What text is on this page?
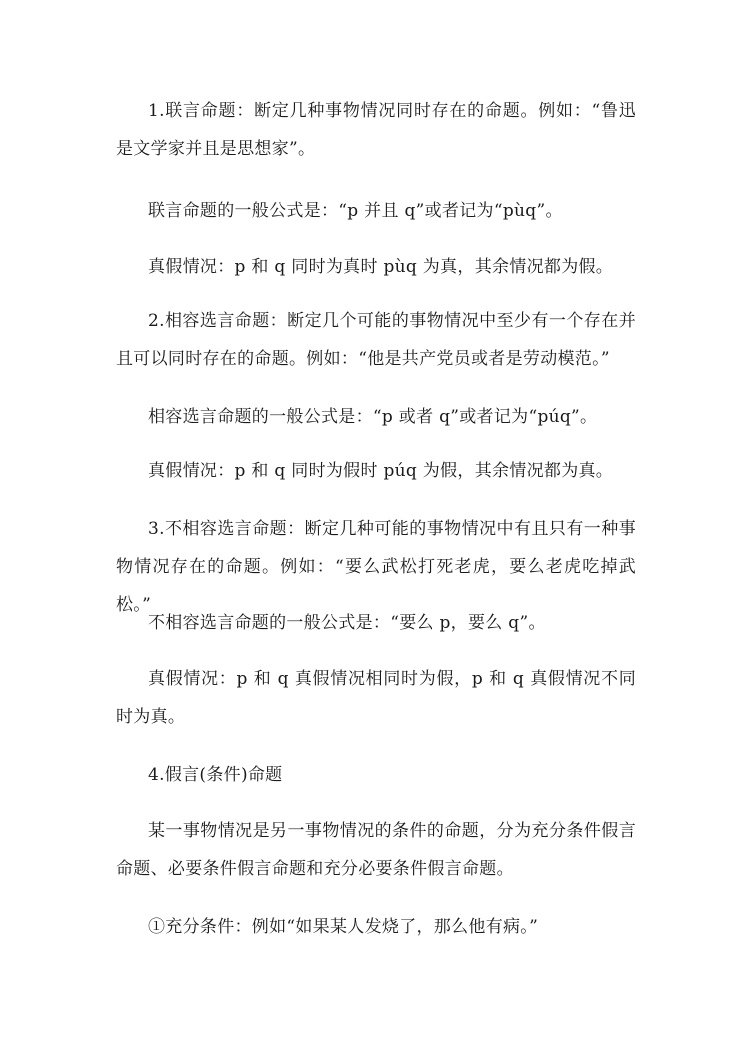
1.联言命题：断定几种事物情况同时存在的命题。例如：“鲁迅是文学家并且是思想家”。

联言命题的一般公式是：“p 并且 q”或者记为“pùq”。

真假情况：p 和 q 同时为真时 pùq 为真，其余情况都为假。

2.相容选言命题：断定几个可能的事物情况中至少有一个存在并且可以同时存在的命题。例如：“他是共产党员或者是劳动模范。”

相容选言命题的一般公式是：“p 或者 q”或者记为“púq”。

真假情况：p 和 q 同时为假时 púq 为假，其余情况都为真。

3.不相容选言命题：断定几种可能的事物情况中有且只有一种事物情况存在的命题。例如：“要么武松打死老虎，要么老虎吃掉武松。”

不相容选言命题的一般公式是：“要么 p，要么 q”。

真假情况：p 和 q 真假情况相同时为假，p 和 q 真假情况不同时为真。

4.假言(条件)命题

某一事物情况是另一事物情况的条件的命题，分为充分条件假言命题、必要条件假言命题和充分必要条件假言命题。

①充分条件：例如“如果某人发烧了，那么他有病。”
